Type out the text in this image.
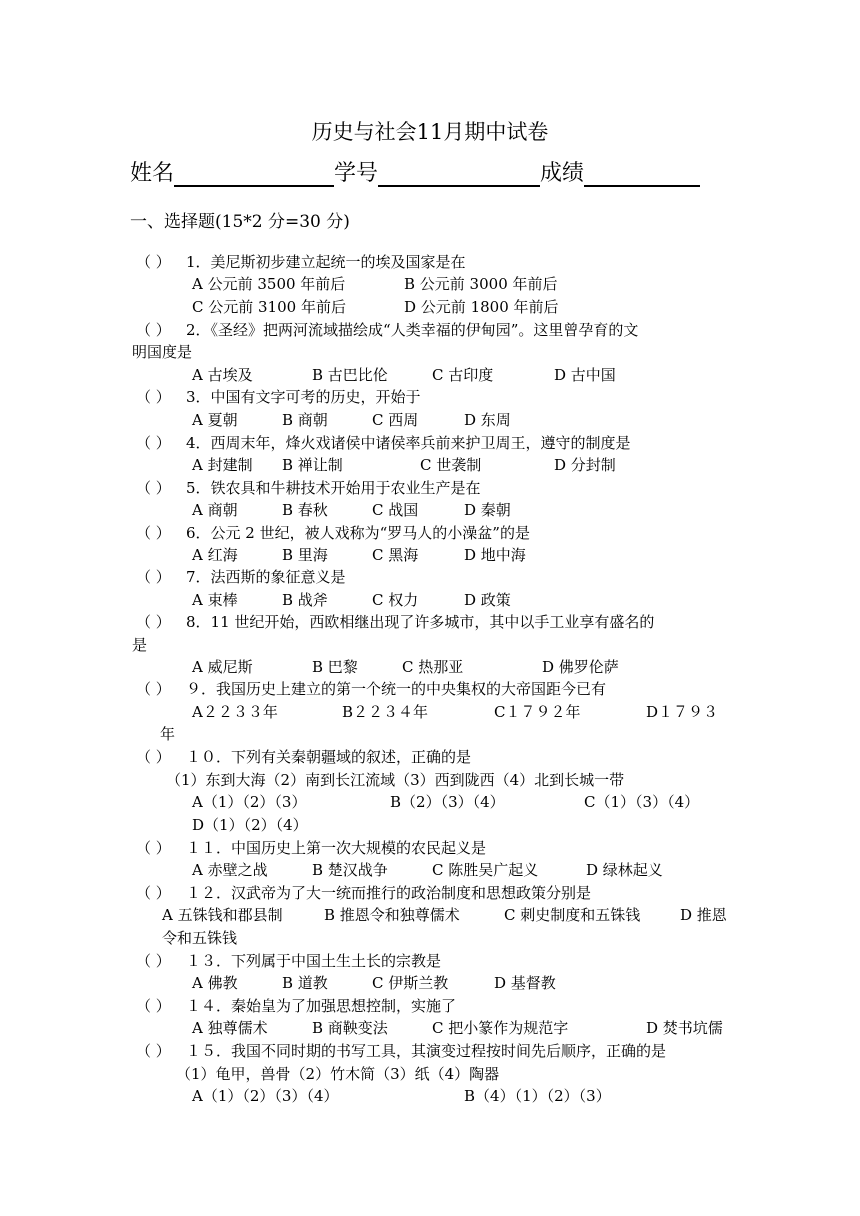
历史与社会11月期中试卷
姓名	学号	成绩
一、选择题(15*2 分=30 分)
（ ） 1．美尼斯初步建立起统一的埃及国家是在
A 公元前 3500 年前后	B 公元前 3000 年前后
C 公元前 3100 年前后	D 公元前 1800 年前后
（ ） 2．《圣经》把两河流域描绘成“人类幸福的伊甸园”。这里曾孕育的文
明国度是
A 古埃及	B 古巴比伦	C 古印度	D 古中国
（ ） 3．中国有文字可考的历史，开始于
A 夏朝	B 商朝	C 西周	D 东周
（ ） 4．西周末年，烽火戏诸侯中诸侯率兵前来护卫周王，遵守的制度是
A 封建制 B 禅让制	C 世袭制	D 分封制
（ ） 5．铁农具和牛耕技术开始用于农业生产是在
A 商朝	B 春秋	C 战国	D 秦朝
（ ） 6．公元 2 世纪，被人戏称为“罗马人的小澡盆”的是
A 红海	B 里海	C 黑海	D 地中海
（ ） 7．法西斯的象征意义是
A 束棒	B 战斧	C 权力	D 政策
（ ） 8．11 世纪开始，西欧相继出现了许多城市，其中以手工业享有盛名的
是
A 威尼斯	B 巴黎	C 热那亚	D 佛罗伦萨
（ ） ９．我国历史上建立的第一个统一的中央集权的大帝国距今已有
A２２３３年	B２２３４年	C１７９２年	D１７９３
年
（ ） １０．下列有关秦朝疆域的叙述，正确的是
（1）东到大海（2）南到长江流域（3）西到陇西（4）北到长城一带
A（1）（2）（3）	B（2）（3）（4）	C（1）（3）（4）
D（1）（2）（4）
（ ） １１．中国历史上第一次大规模的农民起义是
A 赤壁之战	B 楚汉战争	C 陈胜吴广起义	D 绿林起义
（ ） １２．汉武帝为了大一统而推行的政治制度和思想政策分别是
A 五铢钱和郡县制	B 推恩令和独尊儒术	C 刺史制度和五铢钱	D 推恩
令和五铢钱
（ ） １３．下列属于中国土生土长的宗教是
A 佛教	B 道教	C 伊斯兰教	D 基督教
（ ） １４．秦始皇为了加强思想控制，实施了
A 独尊儒术	B 商鞅变法	C 把小篆作为规范字	D 焚书坑儒
（ ） １５．我国不同时期的书写工具，其演变过程按时间先后顺序，正确的是
（1）龟甲，兽骨（2）竹木简（3）纸（4）陶器
A（1）（2）（3）（4）	B（4）（1）（2）（3）
